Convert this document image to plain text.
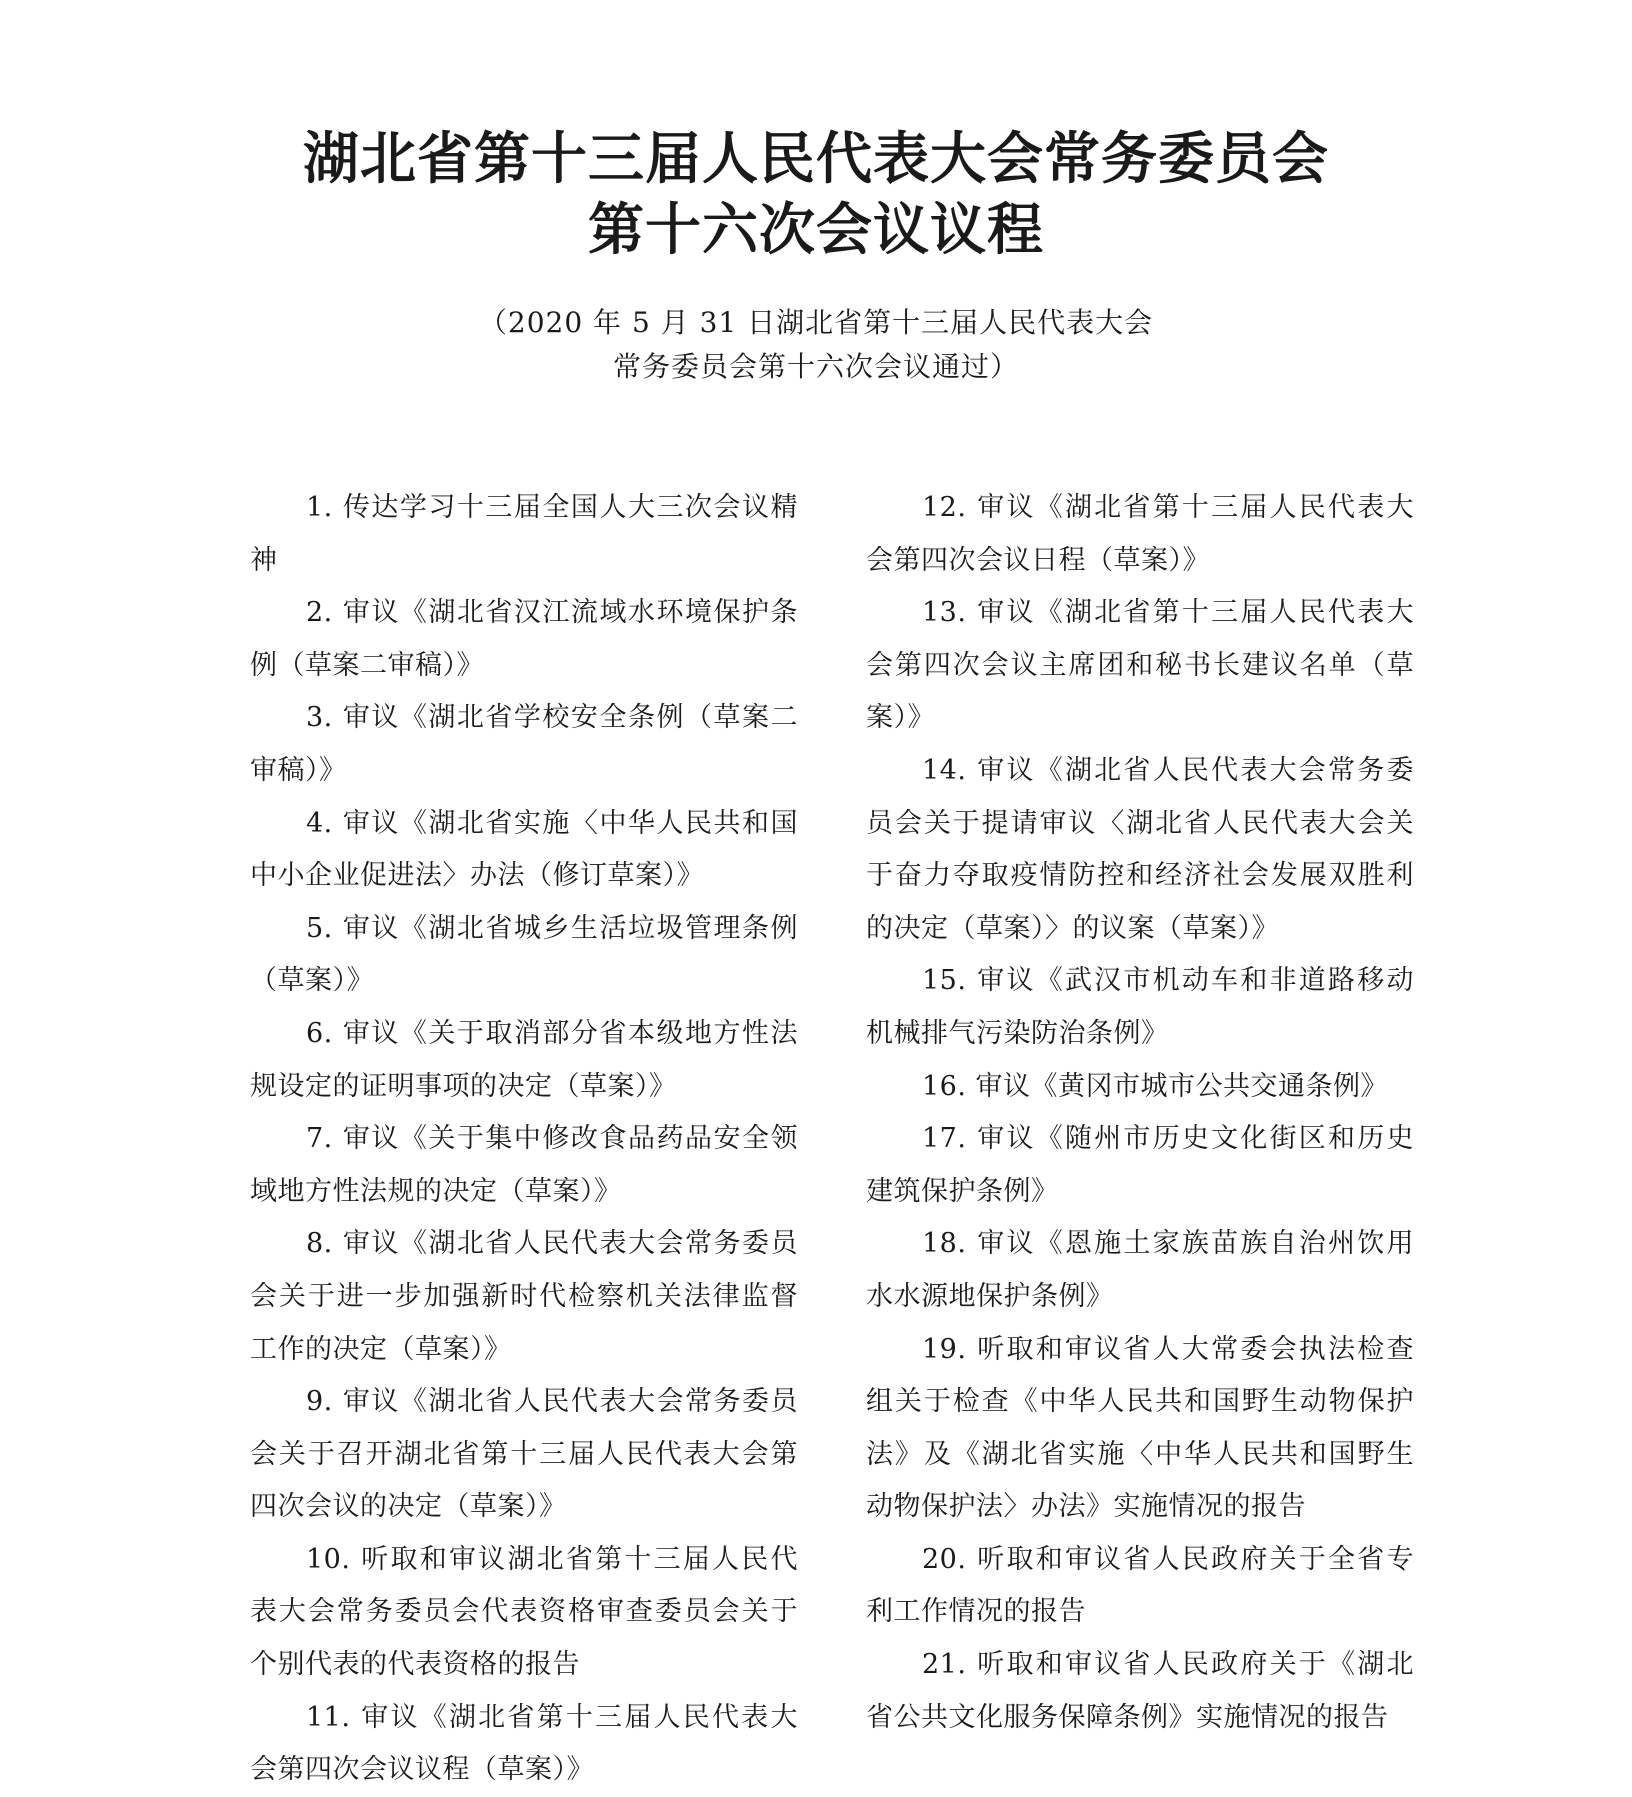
湖北省第十三届人民代表大会常务委员会
第十六次会议议程
（2020 年 5 月 31 日湖北省第十三届人民代表大会
常务委员会第十六次会议通过）

1. 传达学习十三届全国人大三次会议精神

2. 审议《湖北省汉江流域水环境保护条例（草案二审稿）》

3. 审议《湖北省学校安全条例（草案二审稿）》

4. 审议《湖北省实施〈中华人民共和国中小企业促进法〉办法（修订草案）》

5. 审议《湖北省城乡生活垃圾管理条例（草案）》

6. 审议《关于取消部分省本级地方性法规设定的证明事项的决定（草案）》

7. 审议《关于集中修改食品药品安全领域地方性法规的决定（草案）》

8. 审议《湖北省人民代表大会常务委员会关于进一步加强新时代检察机关法律监督工作的决定（草案）》

9. 审议《湖北省人民代表大会常务委员会关于召开湖北省第十三届人民代表大会第四次会议的决定（草案）》

10. 听取和审议湖北省第十三届人民代表大会常务委员会代表资格审查委员会关于个别代表的代表资格的报告

11. 审议《湖北省第十三届人民代表大会第四次会议议程（草案）》

12. 审议《湖北省第十三届人民代表大会第四次会议日程（草案）》

13. 审议《湖北省第十三届人民代表大会第四次会议主席团和秘书长建议名单（草案）》

14. 审议《湖北省人民代表大会常务委员会关于提请审议〈湖北省人民代表大会关于奋力夺取疫情防控和经济社会发展双胜利的决定（草案）〉的议案（草案）》

15. 审议《武汉市机动车和非道路移动机械排气污染防治条例》

16. 审议《黄冈市城市公共交通条例》

17. 审议《随州市历史文化街区和历史建筑保护条例》

18. 审议《恩施土家族苗族自治州饮用水水源地保护条例》

19. 听取和审议省人大常委会执法检查组关于检查《中华人民共和国野生动物保护法》及《湖北省实施〈中华人民共和国野生动物保护法〉办法》实施情况的报告

20. 听取和审议省人民政府关于全省专利工作情况的报告

21. 听取和审议省人民政府关于《湖北省公共文化服务保障条例》实施情况的报告
